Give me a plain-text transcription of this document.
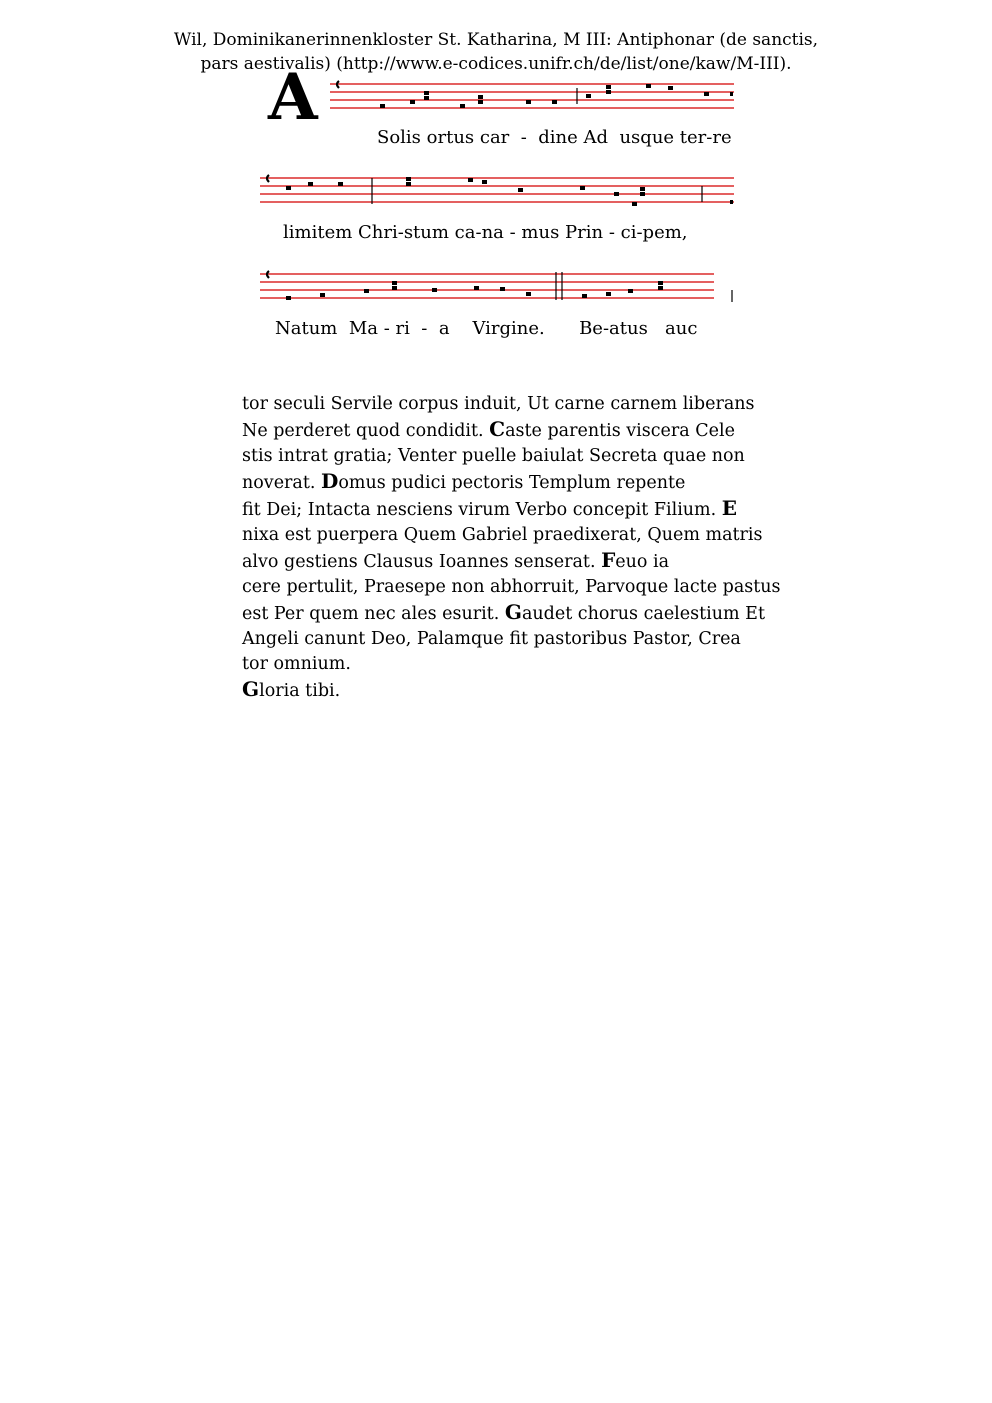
Wil, Dominikanerinnenkloster St. Katharina, M III: Antiphonar (de sanctis,
pars aestivalis) (http://www.e-codices.unifr.ch/de/list/one/kaw/M-III).
A
Solis ortus car  -  dine Ad  usque ter-re
limitem Chri-stum ca-na - mus Prin - ci-pem,
Natum  Ma - ri  -  a    Virgine.      Be-atus   auc
tor seculi Servile corpus induit, Ut carne carnem liberans
Ne perderet quod condidit. Caste parentis viscera Cele
stis intrat gratia; Venter puelle baiulat Secreta quae non
noverat. Domus pudici pectoris Templum repente
fit Dei; Intacta nesciens virum Verbo concepit Filium. E
nixa est puerpera Quem Gabriel praedixerat, Quem matris
alvo gestiens Clausus Ioannes senserat. Feuo ia
cere pertulit, Praesepe non abhorruit, Parvoque lacte pastus
est Per quem nec ales esurit. Gaudet chorus caelestium Et
Angeli canunt Deo, Palamque fit pastoribus Pastor, Crea
tor omnium.
Gloria tibi.
